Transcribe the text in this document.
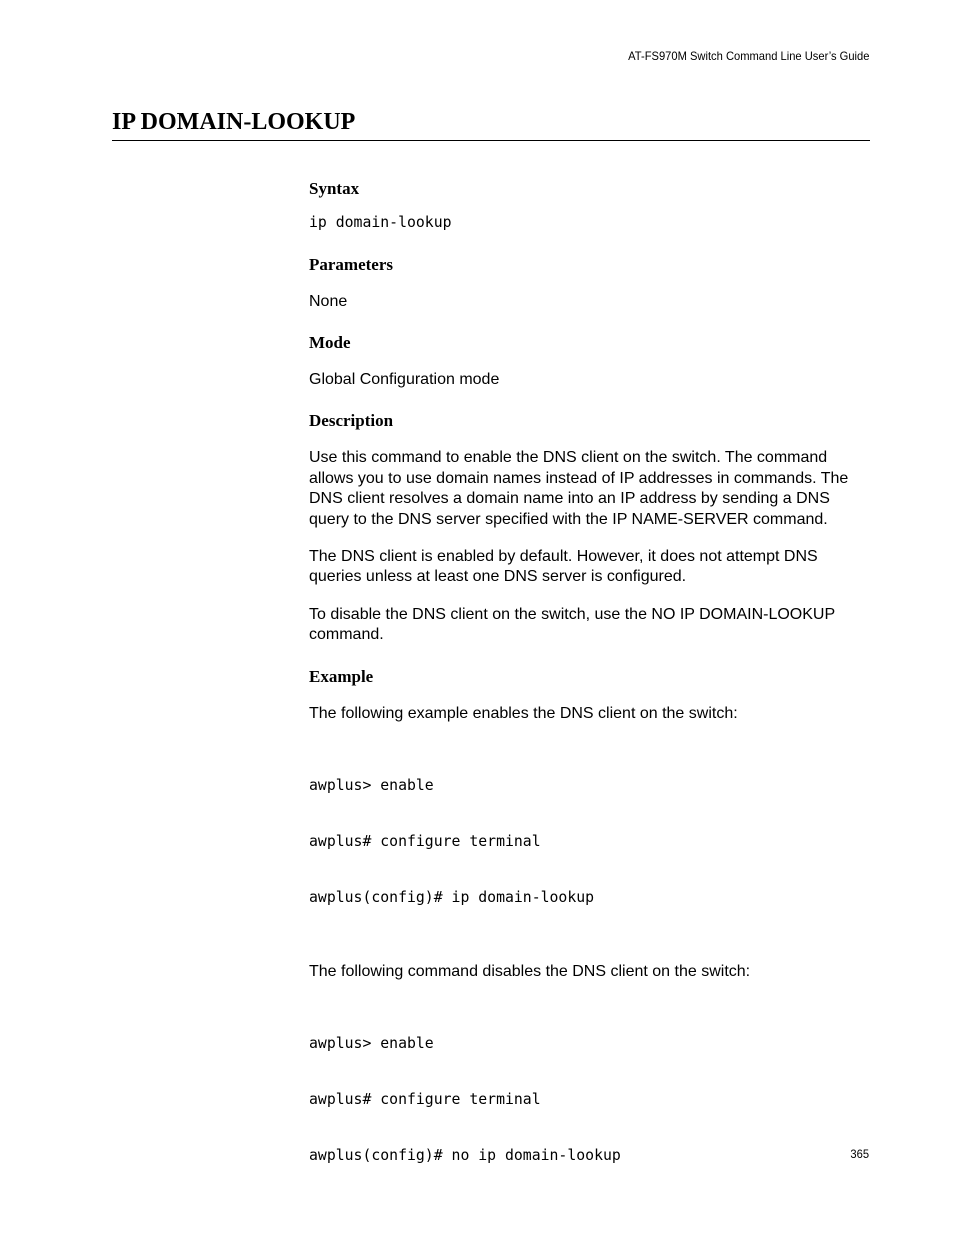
AT-FS970M Switch Command Line User’s Guide
IP DOMAIN-LOOKUP
Syntax

ip domain-lookup

Parameters

None

Mode

Global Configuration mode

Description

Use this command to enable the DNS client on the switch. The command allows you to use domain names instead of IP addresses in commands. The DNS client resolves a domain name into an IP address by sending a DNS query to the DNS server specified with the IP NAME-SERVER command.

The DNS client is enabled by default. However, it does not attempt DNS queries unless at least one DNS server is configured.

To disable the DNS client on the switch, use the NO IP DOMAIN-LOOKUP command.

Example

The following example enables the DNS client on the switch:

awplus> enable

awplus# configure terminal

awplus(config)# ip domain-lookup

The following command disables the DNS client on the switch:

awplus> enable

awplus# configure terminal

awplus(config)# no ip domain-lookup

	365
